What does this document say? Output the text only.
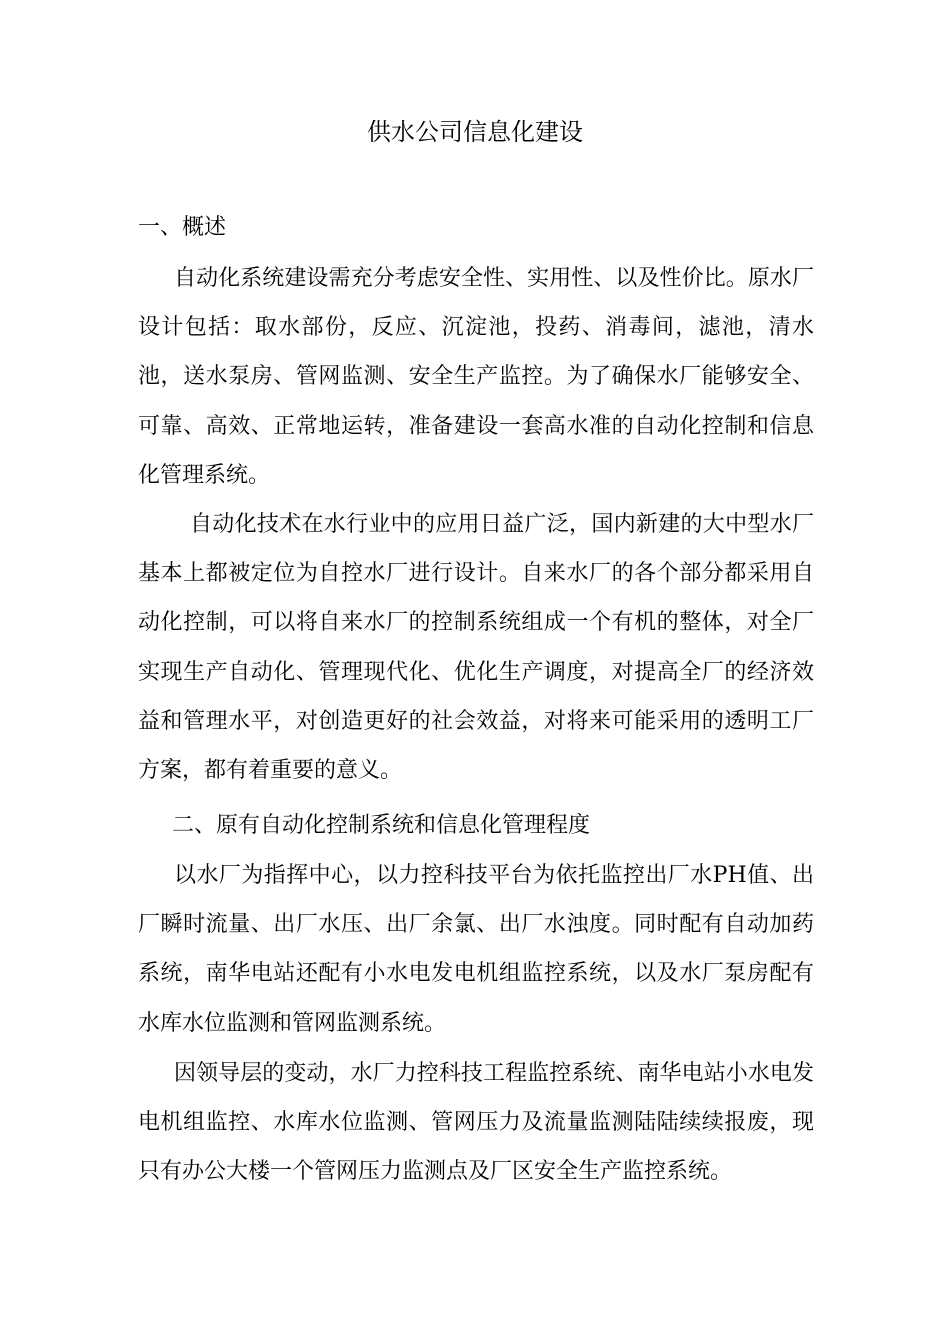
供水公司信息化建设
一、概述
自动化系统建设需充分考虑安全性、实用性、以及性价比。原水厂设计包括：取水部份，反应、沉淀池，投药、消毒间，滤池，清水池，送水泵房、管网监测、安全生产监控。为了确保水厂能够安全、可靠、高效、正常地运转，准备建设一套高水准的自动化控制和信息化管理系统。
自动化技术在水行业中的应用日益广泛，国内新建的大中型水厂基本上都被定位为自控水厂进行设计。自来水厂的各个部分都采用自动化控制，可以将自来水厂的控制系统组成一个有机的整体，对全厂实现生产自动化、管理现代化、优化生产调度，对提高全厂的经济效益和管理水平，对创造更好的社会效益，对将来可能采用的透明工厂方案，都有着重要的意义。
二、原有自动化控制系统和信息化管理程度
以水厂为指挥中心，以力控科技平台为依托监控出厂水PH值、出厂瞬时流量、出厂水压、出厂余氯、出厂水浊度。同时配有自动加药系统，南华电站还配有小水电发电机组监控系统，以及水厂泵房配有水库水位监测和管网监测系统。
因领导层的变动，水厂力控科技工程监控系统、南华电站小水电发电机组监控、水库水位监测、管网压力及流量监测陆陆续续报废，现只有办公大楼一个管网压力监测点及厂区安全生产监控系统。
